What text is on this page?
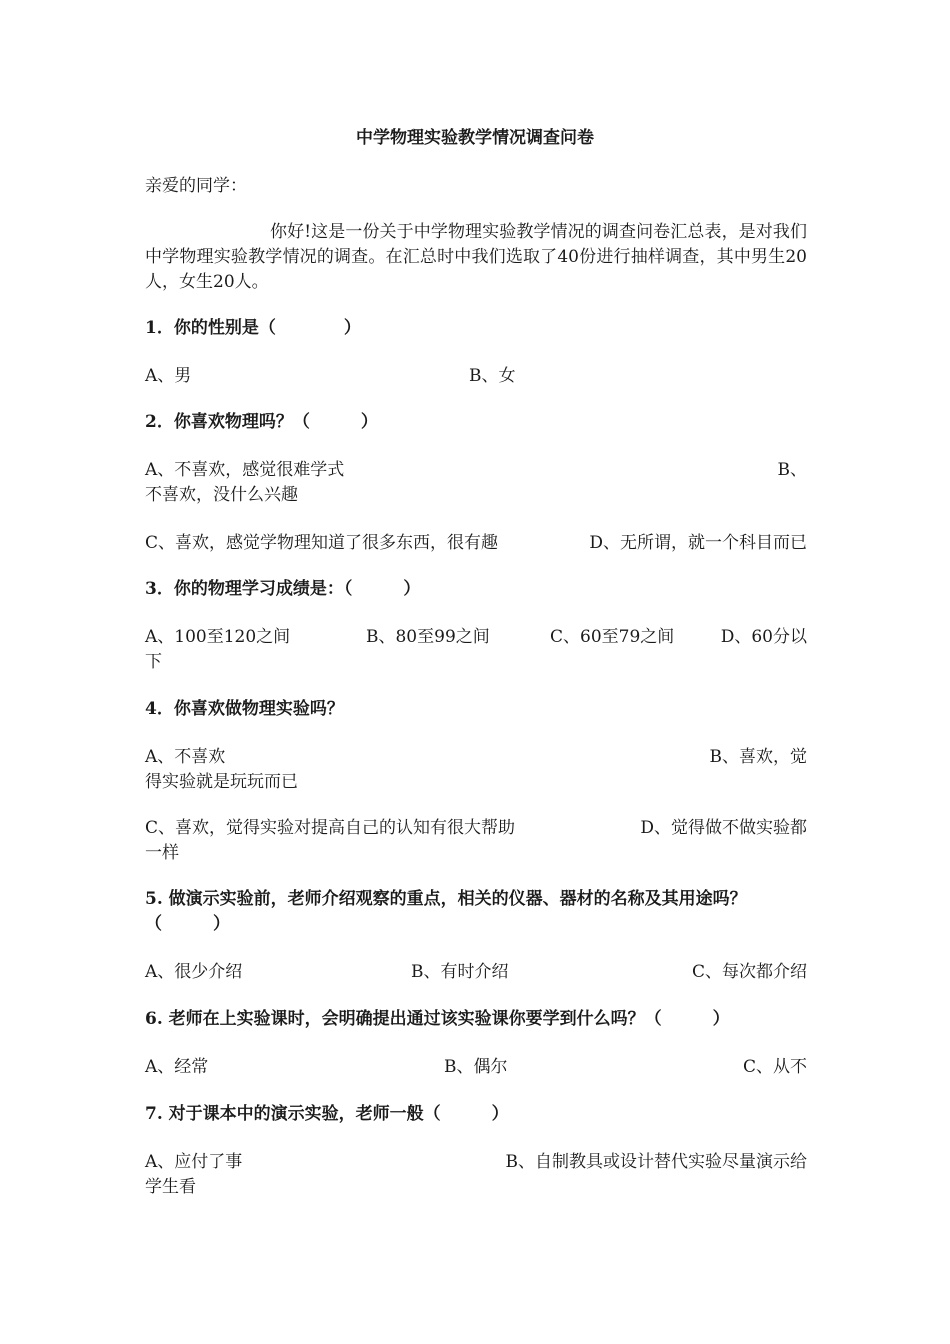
中学物理实验教学情况调查问卷
亲爱的同学：
你好!这是一份关于中学物理实验教学情况的调查问卷汇总表，是对我们中学物理实验教学情况的调查。在汇总时中我们选取了40份进行抽样调查，其中男生20人，女生20人。
1．你的性别是（　　　　）
A、男	B、女
2．你喜欢物理吗？（　　　）
A、不喜欢，感觉很难学式	B、
不喜欢，没什么兴趣
C、喜欢，感觉学物理知道了很多东西，很有趣	D、无所谓，就一个科目而已
3．你的物理学习成绩是：（　　　）
A、100至120之间	B、80至99之间	C、60至79之间	D、60分以
下
4．你喜欢做物理实验吗？
A、不喜欢	B、喜欢，觉
得实验就是玩玩而已
C、喜欢，觉得实验对提高自己的认知有很大帮助	D、觉得做不做实验都
一样
5. 做演示实验前，老师介绍观察的重点，相关的仪器、器材的名称及其用途吗？
（　　　）
A、很少介绍	B、有时介绍	C、每次都介绍
6. 老师在上实验课时，会明确提出通过该实验课你要学到什么吗？（　　　）
A、经常	B、偶尔	C、从不
7. 对于课本中的演示实验，老师一般（　　　）
A、应付了事	B、自制教具或设计替代实验尽量演示给
学生看
